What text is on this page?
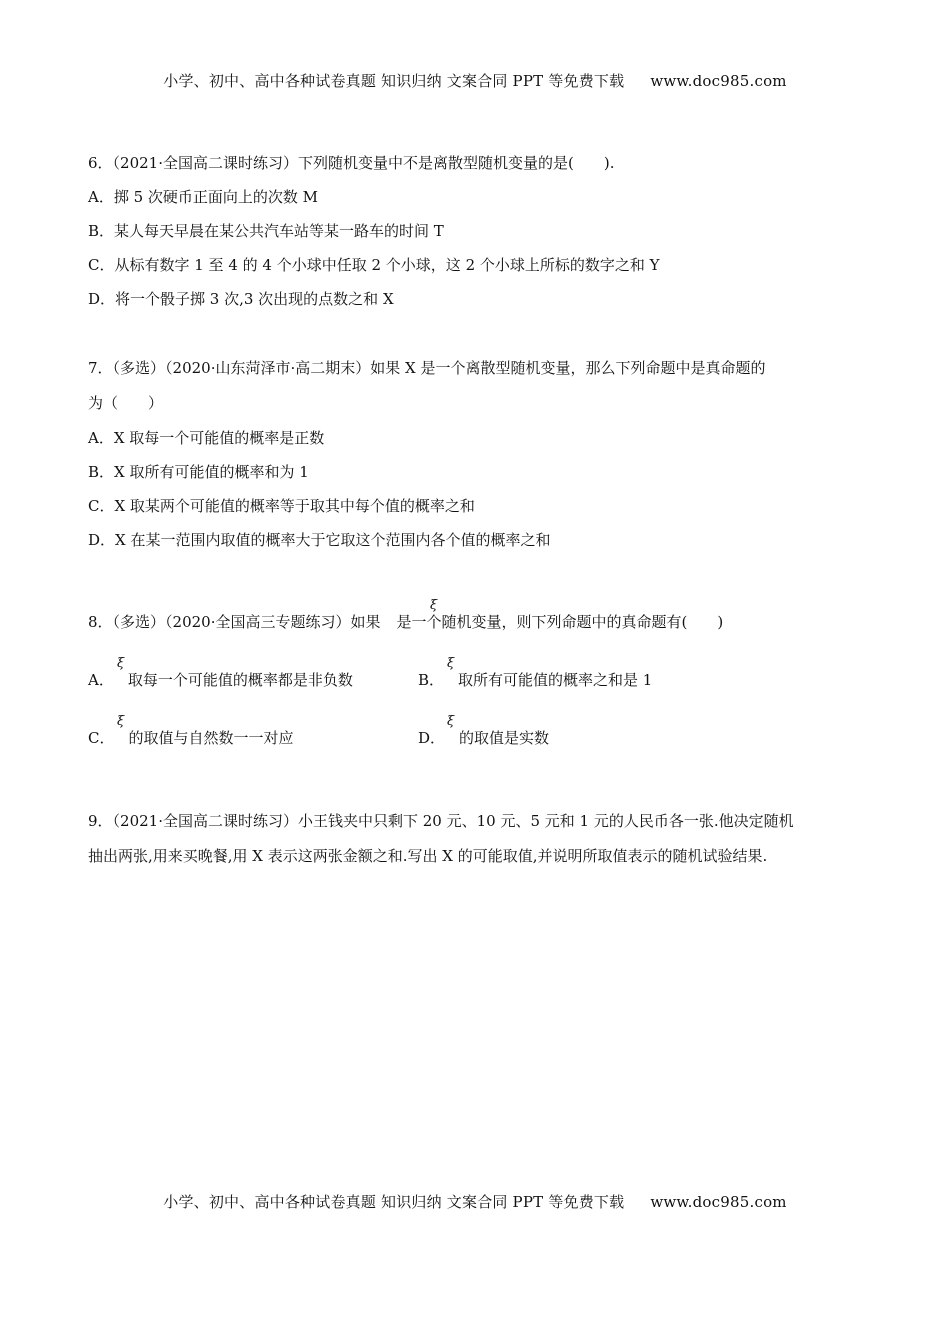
小学、初中、高中各种试卷真题 知识归纳 文案合同 PPT 等免费下载 www.doc985.com
6．（2021·全国高二课时练习）下列随机变量中不是离散型随机变量的是(　　).
A．掷 5 次硬币正面向上的次数 M
B．某人每天早晨在某公共汽车站等某一路车的时间 T
C．从标有数字 1 至 4 的 4 个小球中任取 2 个小球，这 2 个小球上所标的数字之和 Y
D．将一个骰子掷 3 次,3 次出现的点数之和 X
7．（多选）（2020·山东菏泽市·高二期末）如果 X 是一个离散型随机变量，那么下列命题中是真命题的
为（　　）
A．X 取每一个可能值的概率是正数
B．X 取所有可能值的概率和为 1
C．X 取某两个可能值的概率等于取其中每个值的概率之和
D．X 在某一范围内取值的概率大于它取这个范围内各个值的概率之和
8．（多选）（2020·全国高三专题练习）如果 是一个随机变量，则下列命题中的真命题有(　　)
ξ
A． 取每一个可能值的概率都是非负数
ξ
B． 取所有可能值的概率之和是 1
ξ
C． 的取值与自然数一一对应
ξ
D． 的取值是实数
ξ
9．（2021·全国高二课时练习）小王钱夹中只剩下 20 元、10 元、5 元和 1 元的人民币各一张.他决定随机
抽出两张,用来买晚餐,用 X 表示这两张金额之和.写出 X 的可能取值,并说明所取值表示的随机试验结果.
小学、初中、高中各种试卷真题 知识归纳 文案合同 PPT 等免费下载 www.doc985.com
